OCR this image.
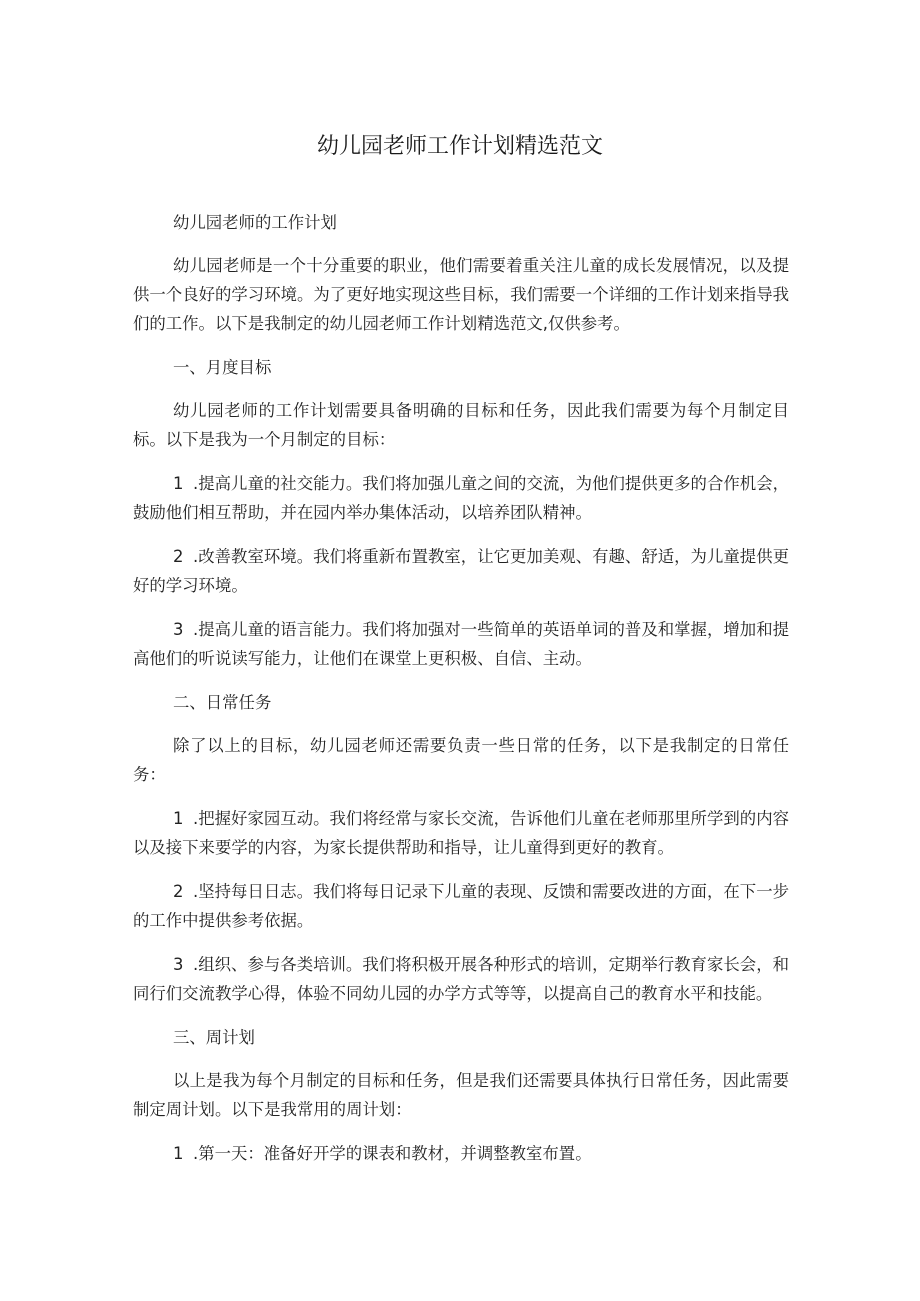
幼儿园老师工作计划精选范文

幼儿园老师的工作计划

幼儿园老师是一个十分重要的职业，他们需要着重关注儿童的成长发展情况，以及提供一个良好的学习环境。为了更好地实现这些目标，我们需要一个详细的工作计划来指导我们的工作。以下是我制定的幼儿园老师工作计划精选范文,仅供参考。

一、月度目标

幼儿园老师的工作计划需要具备明确的目标和任务，因此我们需要为每个月制定目标。以下是我为一个月制定的目标：

1 .提高儿童的社交能力。我们将加强儿童之间的交流，为他们提供更多的合作机会，鼓励他们相互帮助，并在园内举办集体活动，以培养团队精神。

2 .改善教室环境。我们将重新布置教室，让它更加美观、有趣、舒适，为儿童提供更好的学习环境。

3 .提高儿童的语言能力。我们将加强对一些简单的英语单词的普及和掌握，增加和提高他们的听说读写能力，让他们在课堂上更积极、自信、主动。

二、日常任务

除了以上的目标，幼儿园老师还需要负责一些日常的任务，以下是我制定的日常任务：

1 .把握好家园互动。我们将经常与家长交流，告诉他们儿童在老师那里所学到的内容以及接下来要学的内容，为家长提供帮助和指导，让儿童得到更好的教育。

2 .坚持每日日志。我们将每日记录下儿童的表现、反馈和需要改进的方面，在下一步的工作中提供参考依据。

3 .组织、参与各类培训。我们将积极开展各种形式的培训，定期举行教育家长会，和同行们交流教学心得，体验不同幼儿园的办学方式等等，以提高自己的教育水平和技能。

三、周计划

以上是我为每个月制定的目标和任务，但是我们还需要具体执行日常任务，因此需要制定周计划。以下是我常用的周计划：

1 .第一天：准备好开学的课表和教材，并调整教室布置。
